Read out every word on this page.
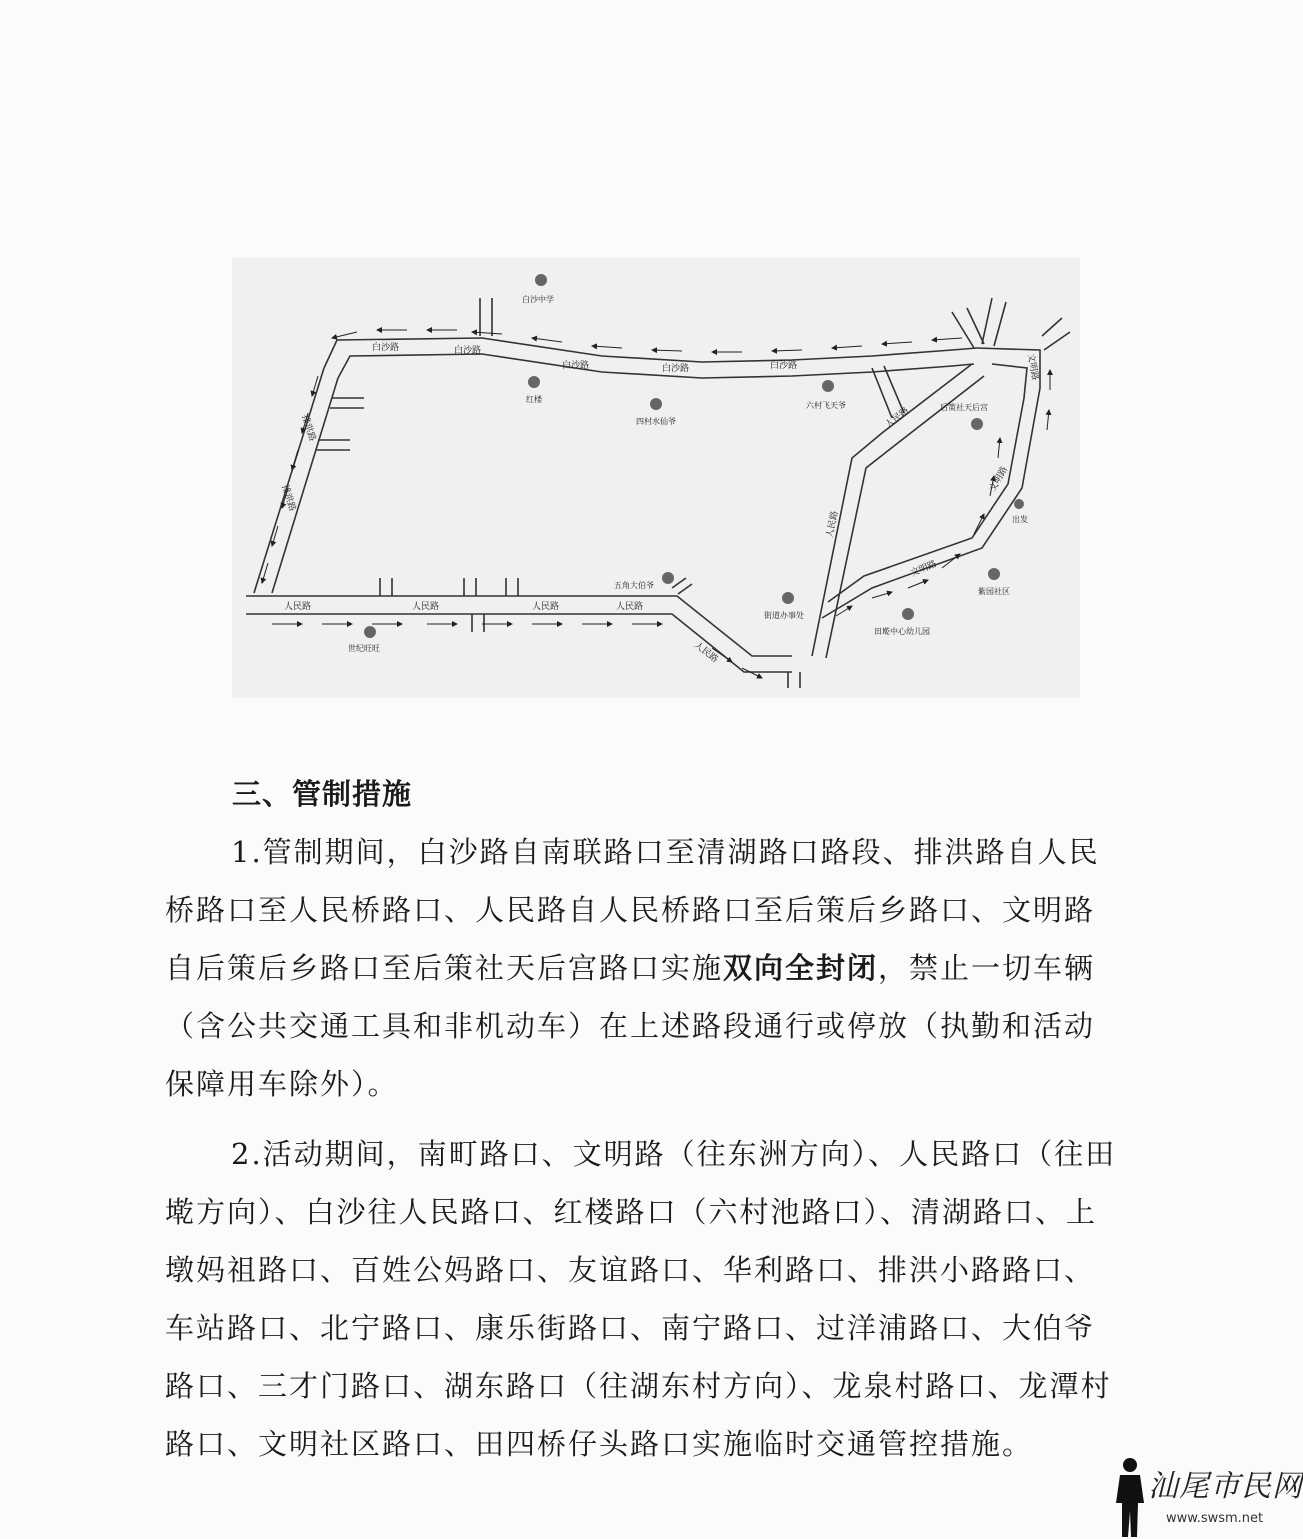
白沙中学
红楼
四村水仙爷
六村飞天爷	后策社天后宫
五角大伯爷
世纪旺旺
街道办事处
田墘中心幼儿园
紫园社区
出发
白沙路	白沙路
白沙路	白沙路	白沙路
排洪路
排洪路
人民路	人民路	人民路	人民路
人民路
人民路
人民路
文明路
文明路
文明路
三、管制措施

1.管制期间，白沙路自南联路口至清湖路口路段、排洪路自人民桥路口至人民桥路口、人民路自人民桥路口至后策后乡路口、文明路自后策后乡路口至后策社天后宫路口实施双向全封闭，禁止一切车辆（含公共交通工具和非机动车）在上述路段通行或停放（执勤和活动保障用车除外）。

2.活动期间，南町路口、文明路（往东洲方向）、人民路口（往田墘方向）、白沙往人民路口、红楼路口（六村池路口）、清湖路口、上墩妈祖路口、百姓公妈路口、友谊路口、华利路口、排洪小路路口、车站路口、北宁路口、康乐街路口、南宁路口、过洋浦路口、大伯爷路口、三才门路口、湖东路口（往湖东村方向）、龙泉村路口、龙潭村路口、文明社区路口、田四桥仔头路口实施临时交通管控措施。

汕尾市民网
www.swsm.net
